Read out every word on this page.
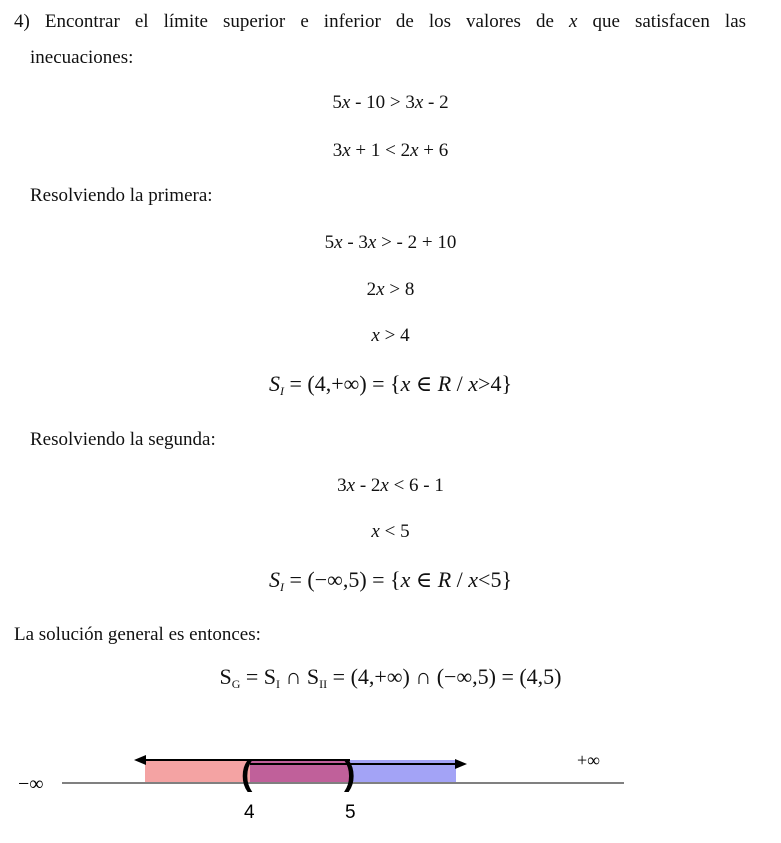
4) Encontrar el límite superior e inferior de los valores de x que satisfacen las
inecuaciones:
5x - 10 > 3x - 2
3x + 1 < 2x + 6
Resolviendo la primera:
5x - 3x > - 2 + 10
2x > 8
x > 4
$S_I = (4,+\infty) = \{x$ ∈ R / x>4}
Resolviendo la segunda:
3x - 2x < 6 - 1
x < 5
$S_I = (-\infty,5) = \{x$ ∈ R / x<5}
La solución general es entonces:
$S_G = S_I$ ∩ $S_{II} = (4,+\infty)$ ∩ (−∞,5) = (4,5)
(	)
−∞
+∞
4	5
